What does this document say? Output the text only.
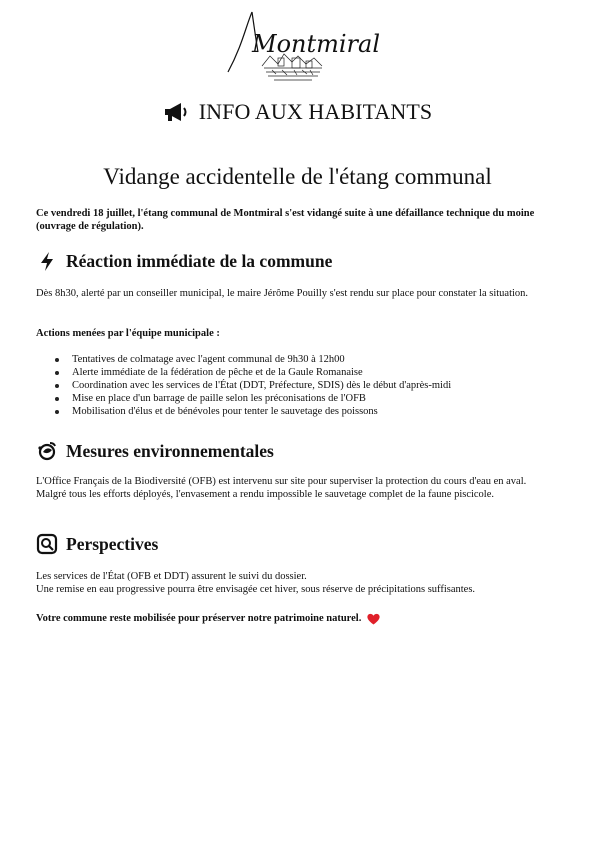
Montmiral
INFO AUX HABITANTS
Vidange accidentelle de l'étang communal
Ce vendredi 18 juillet, l'étang communal de Montmiral s'est vidangé suite à une défaillance technique du moine (ouvrage de régulation).
Réaction immédiate de la commune
Dès 8h30, alerté par un conseiller municipal, le maire Jérôme Pouilly s'est rendu sur place pour constater la situation.
Actions menées par l'équipe municipale :
Tentatives de colmatage avec l'agent communal de 9h30 à 12h00
Alerte immédiate de la fédération de pêche et de la Gaule Romanaise
Coordination avec les services de l'État (DDT, Préfecture, SDIS) dès le début d'après-midi
Mise en place d'un barrage de paille selon les préconisations de l'OFB
Mobilisation d'élus et de bénévoles pour tenter le sauvetage des poissons
Mesures environnementales
L'Office Français de la Biodiversité (OFB) est intervenu sur site pour superviser la protection du cours d'eau en aval. Malgré tous les efforts déployés, l'envasement a rendu impossible le sauvetage complet de la faune piscicole.
Perspectives
Les services de l'État (OFB et DDT) assurent le suivi du dossier.
Une remise en eau progressive pourra être envisagée cet hiver, sous réserve de précipitations suffisantes.
Votre commune reste mobilisée pour préserver notre patrimoine naturel.
